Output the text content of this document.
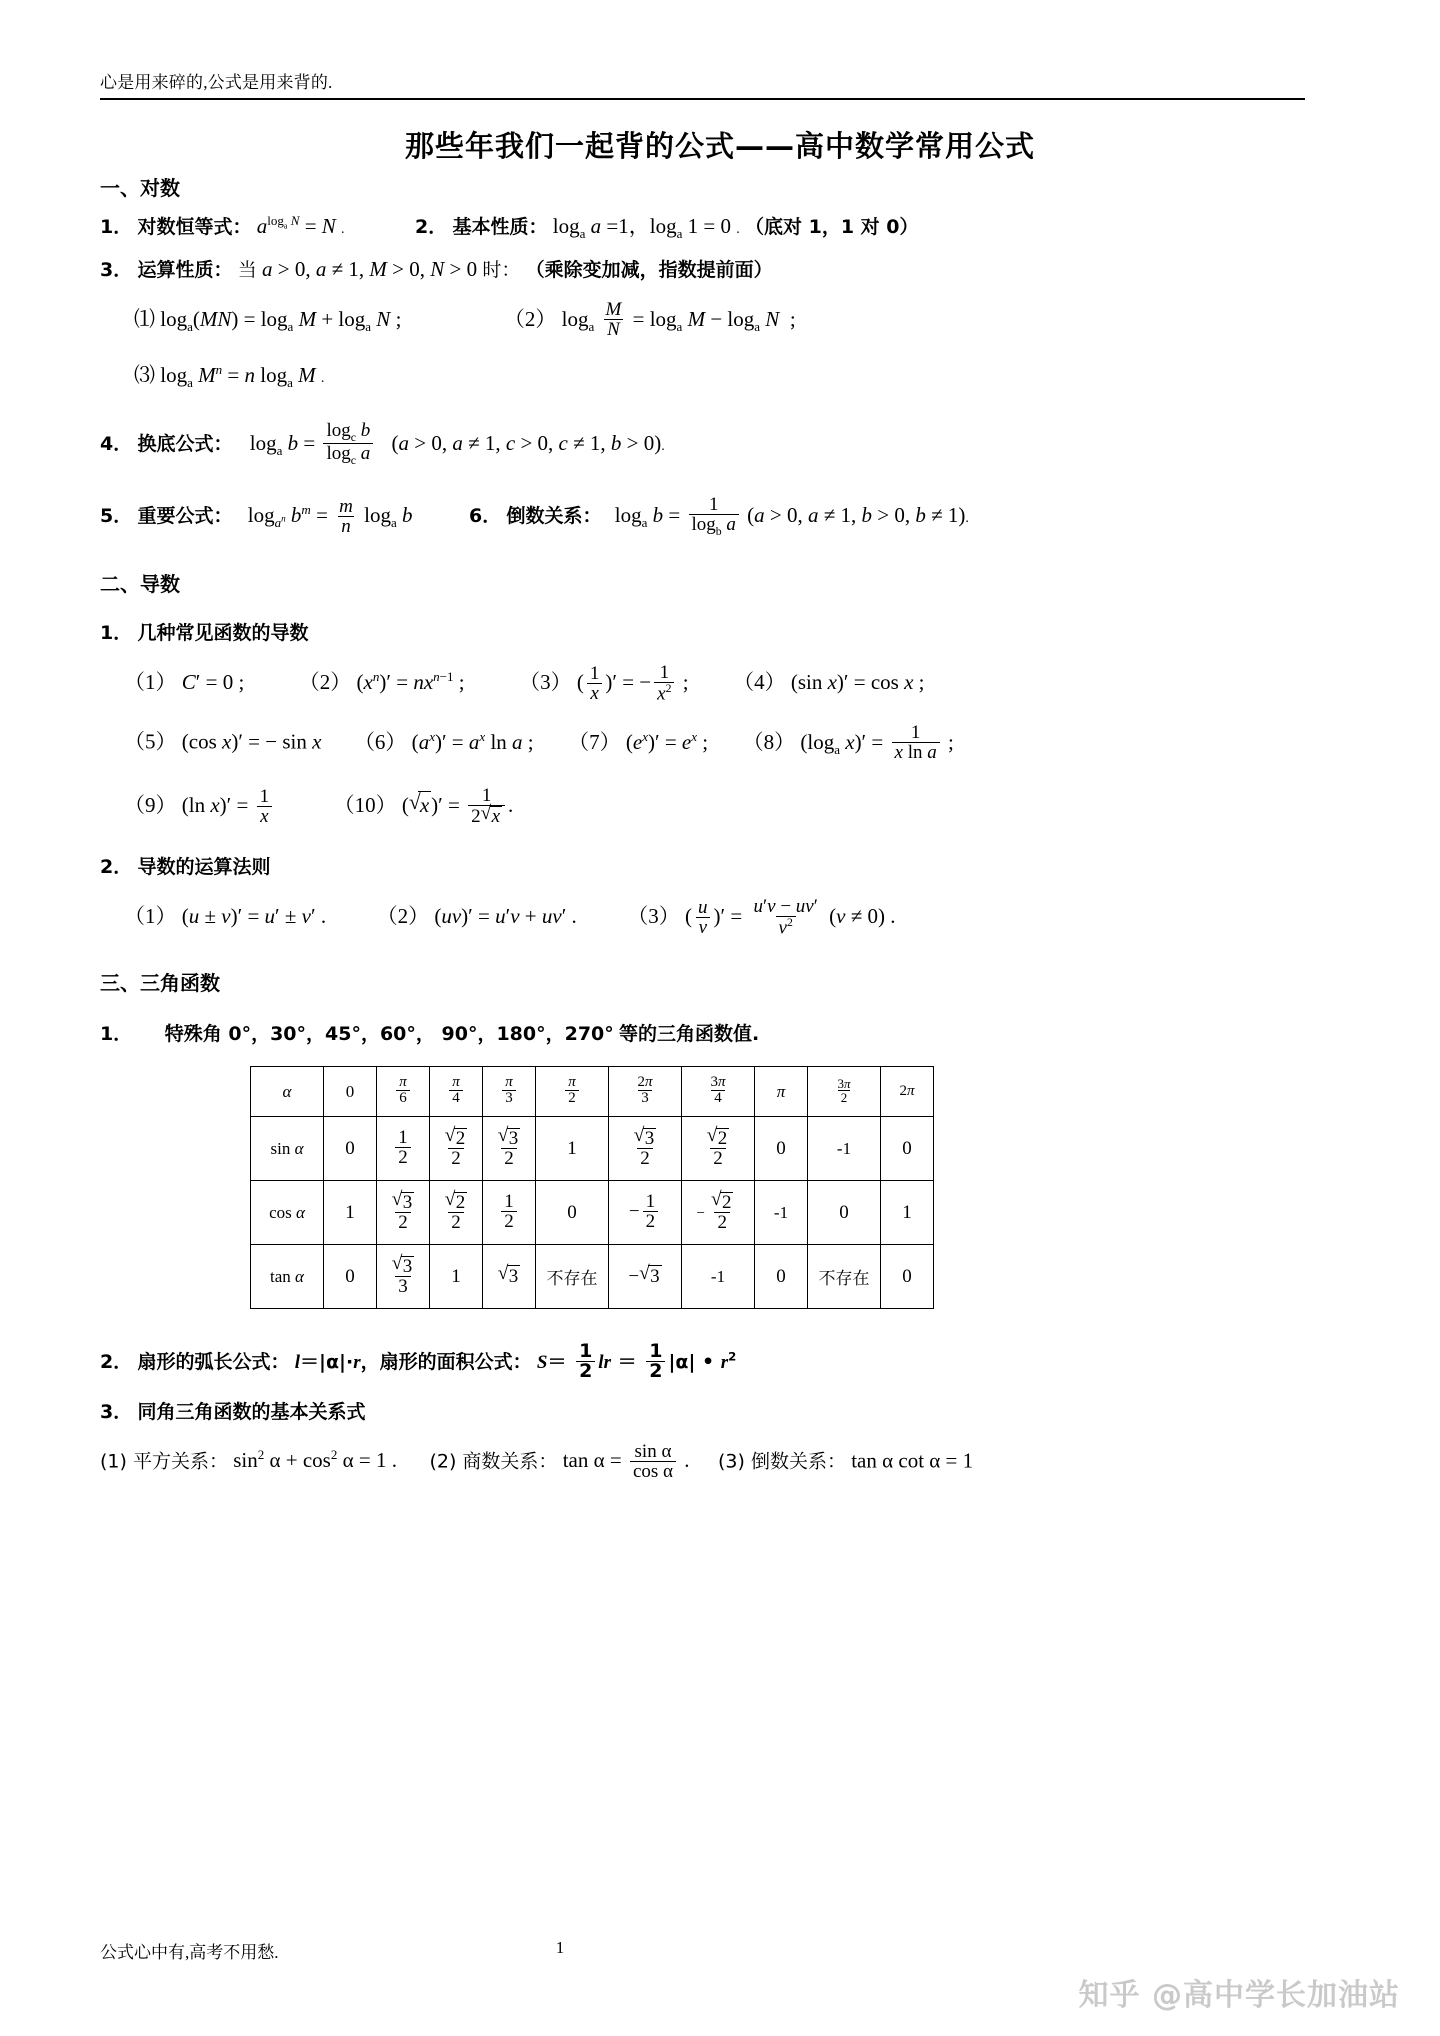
心是用来碎的,公式是用来背的.
那些年我们一起背的公式——高中数学常用公式
一、对数
1． 对数恒等式： $a^{log_a N} = N$ .	2． 基本性质： $\log_a a =1$，$\log_a 1 = 0$ . （底对 1，1 对 0）
3． 运算性质： 当 a > 0, a ≠ 1, M > 0, N > 0 时： （乘除变加减，指数提前面）
⑴ $\log_a(MN) = \log_a M + \log_a N$ ;	（2） $\log_a \frac{M}{N} = \log_a M - \log_a N$  ;
⑶ $\log_a M^n = n$ $\log_a M$ .
4． 换底公式： $\log_a b = \frac{\log_c b}{\log_c a} (a > 0$, a ≠ 1, c > 0, c ≠ 1, b > 0).
5． 重要公式： $\log_{a^n} b^m = \frac{m}{n} \log_a b$	6． 倒数关系： $\log_a b = \frac{1}{\log_b a} (a > 0$, a ≠ 1, b > 0, b ≠ 1).
二、导数
1． 几种常见函数的导数
（1） C′ = 0 ;	（2） $(x^n)' = nx^{n-1}$ ;	（3） ( $\frac{1}{x}$ )′ = − $\frac{1}{x^2}$ ; （4） (sin x)′ = cos x ;
（5） (cos x)′ = − sin x （6） $(a^x)' = a^x$ ln a ; （7） $(e^x)' = e^x$ ; （8） ($\log_a$ $x)' = \frac{1}{\text{x ln a}}$ ;
（9） (ln $x)' = \frac{1}{x}$	（10） ( √ $x)' = \frac{1}{2 √ x}$ .
2． 导数的运算法则
（1） (u ± v)′ = u′ ± v′ . （2） (uv)′ = u′v + uv′ . （3） ( $\frac{u}{v}$ )′ = $\frac{u'v - uv'}{v^2} (v \ne 0)$ .
三、三角函数
1． 特殊角 0°，30°，45°，60°， 90°，180°，270° 等的三角函数值.
α	0	$\frac{\pi}{6}$	$\frac{\pi}{4}$	$\frac{\pi}{3}$	$\frac{\pi}{2}$	$\frac{2\pi}{3}$	$\frac{3\pi}{4}$	π	$\frac{3\pi}{2}$	2π
sin α	0	$\frac{1}{2}$	√ $\frac{2}{2}$	√ $\frac{3}{2}$	1	√ $\frac{3}{2}$	√ $\frac{2}{2}$	0	-1	0
cos α	1	√ $\frac{3}{2}$	√ $\frac{2}{2}$	$\frac{1}{2}$	0	− $\frac{1}{2}$	− √ $\frac{2}{2}$	-1	0	1
tan α	0	√ $\frac{3}{3}$	1	√ 3	不存在	− √ 3	-1	0	不存在	0
2． 扇形的弧长公式： l＝|α|·r，扇形的面积公式： $S= \frac{1}{2}$ lr ＝ $\frac{1}{2} |\alpha|$ • $r^2$
3． 同角三角函数的基本关系式
(1) 平方关系： $\sin^2 \alpha + \cos^2 \alpha = 1$ . (2) 商数关系： $\tan \alpha = \frac{\text{sin α}}{\text{cos α}}$ . (3) 倒数关系： tan α cot α = 1
公式心中有,高考不用愁.	1
知乎 @高中学长加油站
